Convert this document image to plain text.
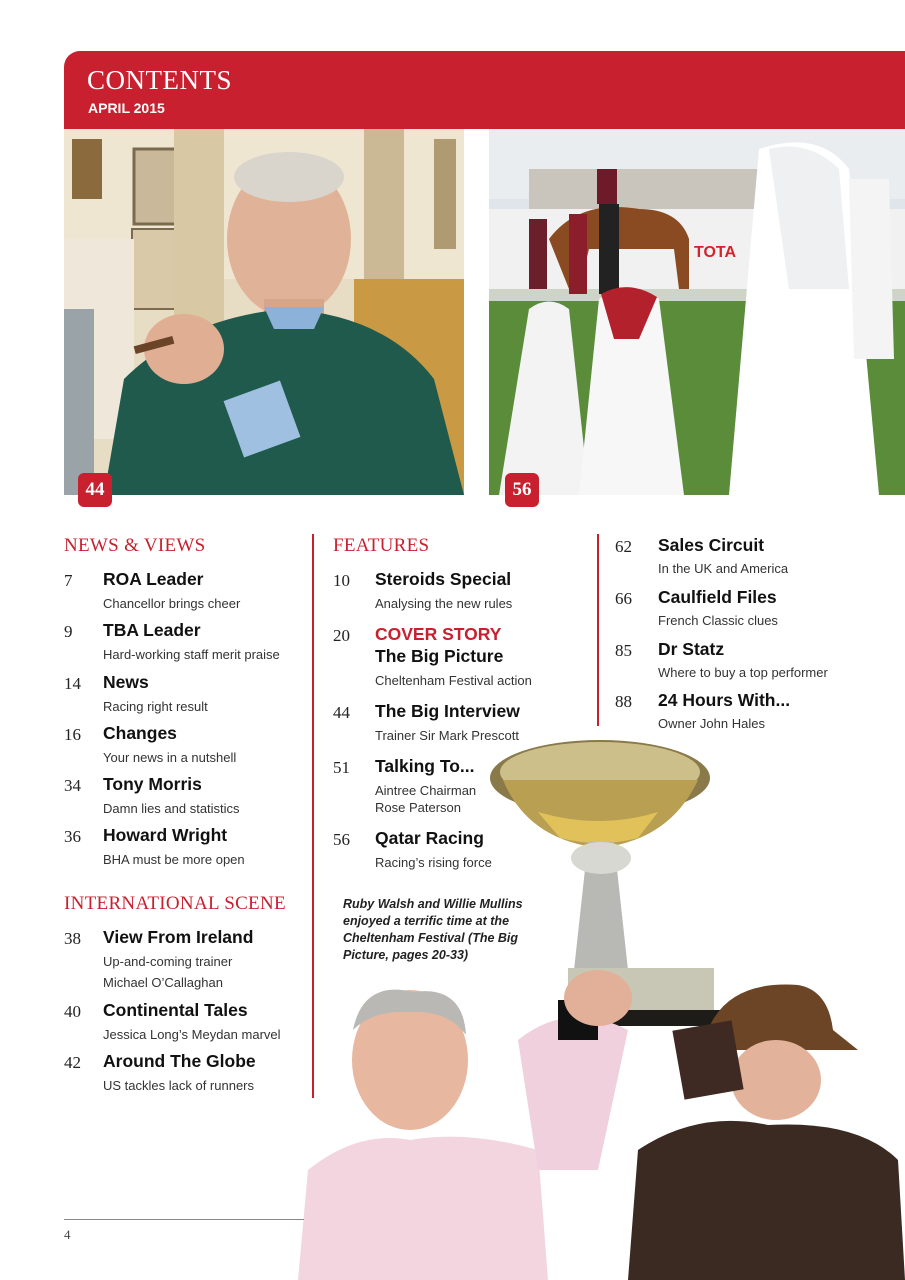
CONTENTS
APRIL 2015
44
TOTA
56
NEWS & VIEWS
7 ROA Leader
Chancellor brings cheer
9 TBA Leader
Hard-working staff merit praise
14 News
Racing right result
16 Changes
Your news in a nutshell
34 Tony Morris
Damn lies and statistics
36 Howard Wright
BHA must be more open
INTERNATIONAL SCENE
38 View From Ireland
Up-and-coming trainer
Michael O’Callaghan
40 Continental Tales
Jessica Long’s Meydan marvel
42 Around The Globe
US tackles lack of runners
FEATURES
10 Steroids Special
Analysing the new rules
20 COVER STORY
The Big Picture
Cheltenham Festival action
44 The Big Interview
Trainer Sir Mark Prescott
51 Talking To...
Aintree Chairman
Rose Paterson
56 Qatar Racing
Racing’s rising force
Ruby Walsh and Willie Mullins enjoyed a terrific time at the Cheltenham Festival (The Big Picture, pages 20-33)
62 Sales Circuit
In the UK and America
66 Caulfield Files
French Classic clues
85 Dr Statz
Where to buy a top performer
88 24 Hours With...
Owner John Hales
4
